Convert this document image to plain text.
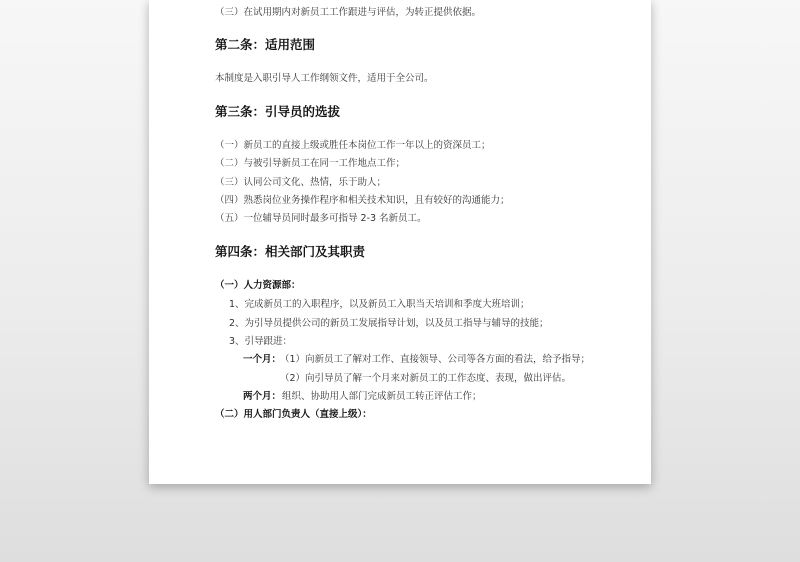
（三）在试用期内对新员工工作跟进与评估，为转正提供依据。
第二条：适用范围
本制度是入职引导人工作纲领文件，适用于全公司。
第三条：引导员的选拔
（一）新员工的直接上级或胜任本岗位工作一年以上的资深员工；
（二）与被引导新员工在同一工作地点工作；
（三）认同公司文化、热情，乐于助人；
（四）熟悉岗位业务操作程序和相关技术知识，且有较好的沟通能力；
（五）一位辅导员同时最多可指导 2-3 名新员工。
第四条：相关部门及其职责
（一）人力资源部：
1、完成新员工的入职程序，以及新员工入职当天培训和季度大班培训；
2、为引导员提供公司的新员工发展指导计划，以及员工指导与辅导的技能；
3、引导跟进：
一个月：
（1）向新员工了解对工作、直接领导、公司等各方面的看法，给予指导；
（2）向引导员了解一个月来对新员工的工作态度、表现，做出评估。
两个月： 组织、协助用人部门完成新员工转正评估工作；
（二）用人部门负责人（直接上级）：
